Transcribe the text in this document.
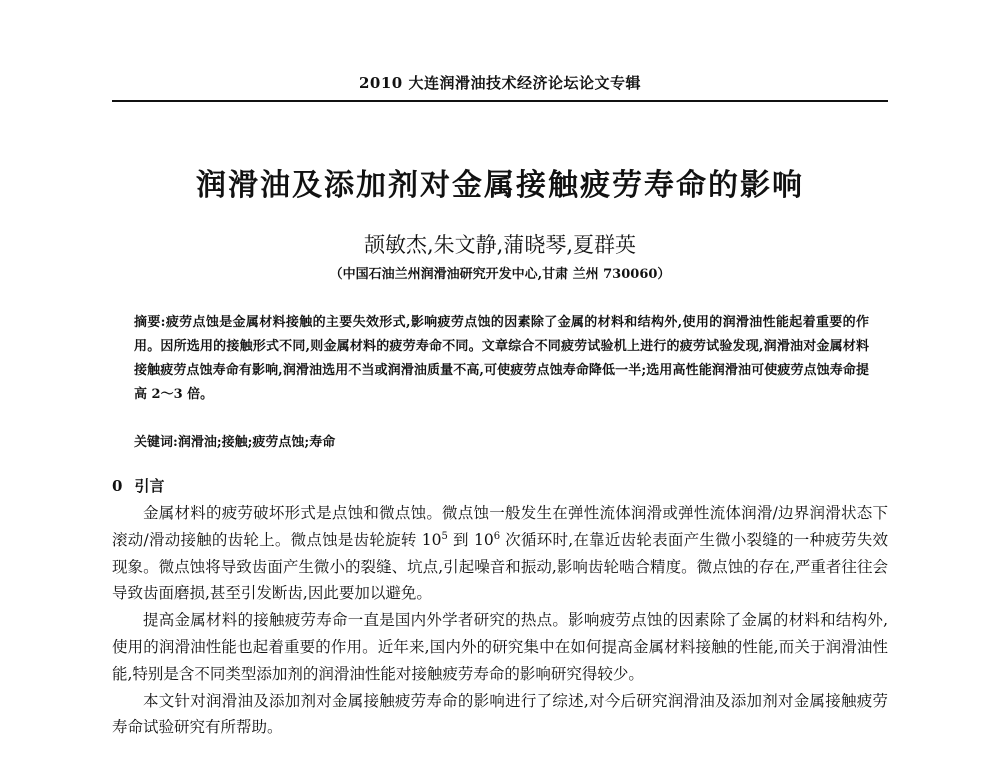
2010 大连润滑油技术经济论坛论文专辑
润滑油及添加剂对金属接触疲劳寿命的影响
颉敏杰,朱文静,蒲晓琴,夏群英
（中国石油兰州润滑油研究开发中心,甘肃 兰州 730060）
摘要:疲劳点蚀是金属材料接触的主要失效形式,影响疲劳点蚀的因素除了金属的材料和结构外,使用的润滑油性能起着重要的作用。因所选用的接触形式不同,则金属材料的疲劳寿命不同。文章综合不同疲劳试验机上进行的疲劳试验发现,润滑油对金属材料接触疲劳点蚀寿命有影响,润滑油选用不当或润滑油质量不高,可使疲劳点蚀寿命降低一半;选用高性能润滑油可使疲劳点蚀寿命提高 2～3 倍。
关键词:润滑油;接触;疲劳点蚀;寿命
0 引言

金属材料的疲劳破坏形式是点蚀和微点蚀。微点蚀一般发生在弹性流体润滑或弹性流体润滑/边界润滑状态下滚动/滑动接触的齿轮上。微点蚀是齿轮旋转 $10^5$ 到 $10^6$ 次循环时,在靠近齿轮表面产生微小裂缝的一种疲劳失效现象。微点蚀将导致齿面产生微小的裂缝、坑点,引起噪音和振动,影响齿轮啮合精度。微点蚀的存在,严重者往往会导致齿面磨损,甚至引发断齿,因此要加以避免。

提高金属材料的接触疲劳寿命一直是国内外学者研究的热点。影响疲劳点蚀的因素除了金属的材料和结构外,使用的润滑油性能也起着重要的作用。近年来,国内外的研究集中在如何提高金属材料接触的性能,而关于润滑油性能,特别是含不同类型添加剂的润滑油性能对接触疲劳寿命的影响研究得较少。

本文针对润滑油及添加剂对金属接触疲劳寿命的影响进行了综述,对今后研究润滑油及添加剂对金属接触疲劳寿命试验研究有所帮助。
